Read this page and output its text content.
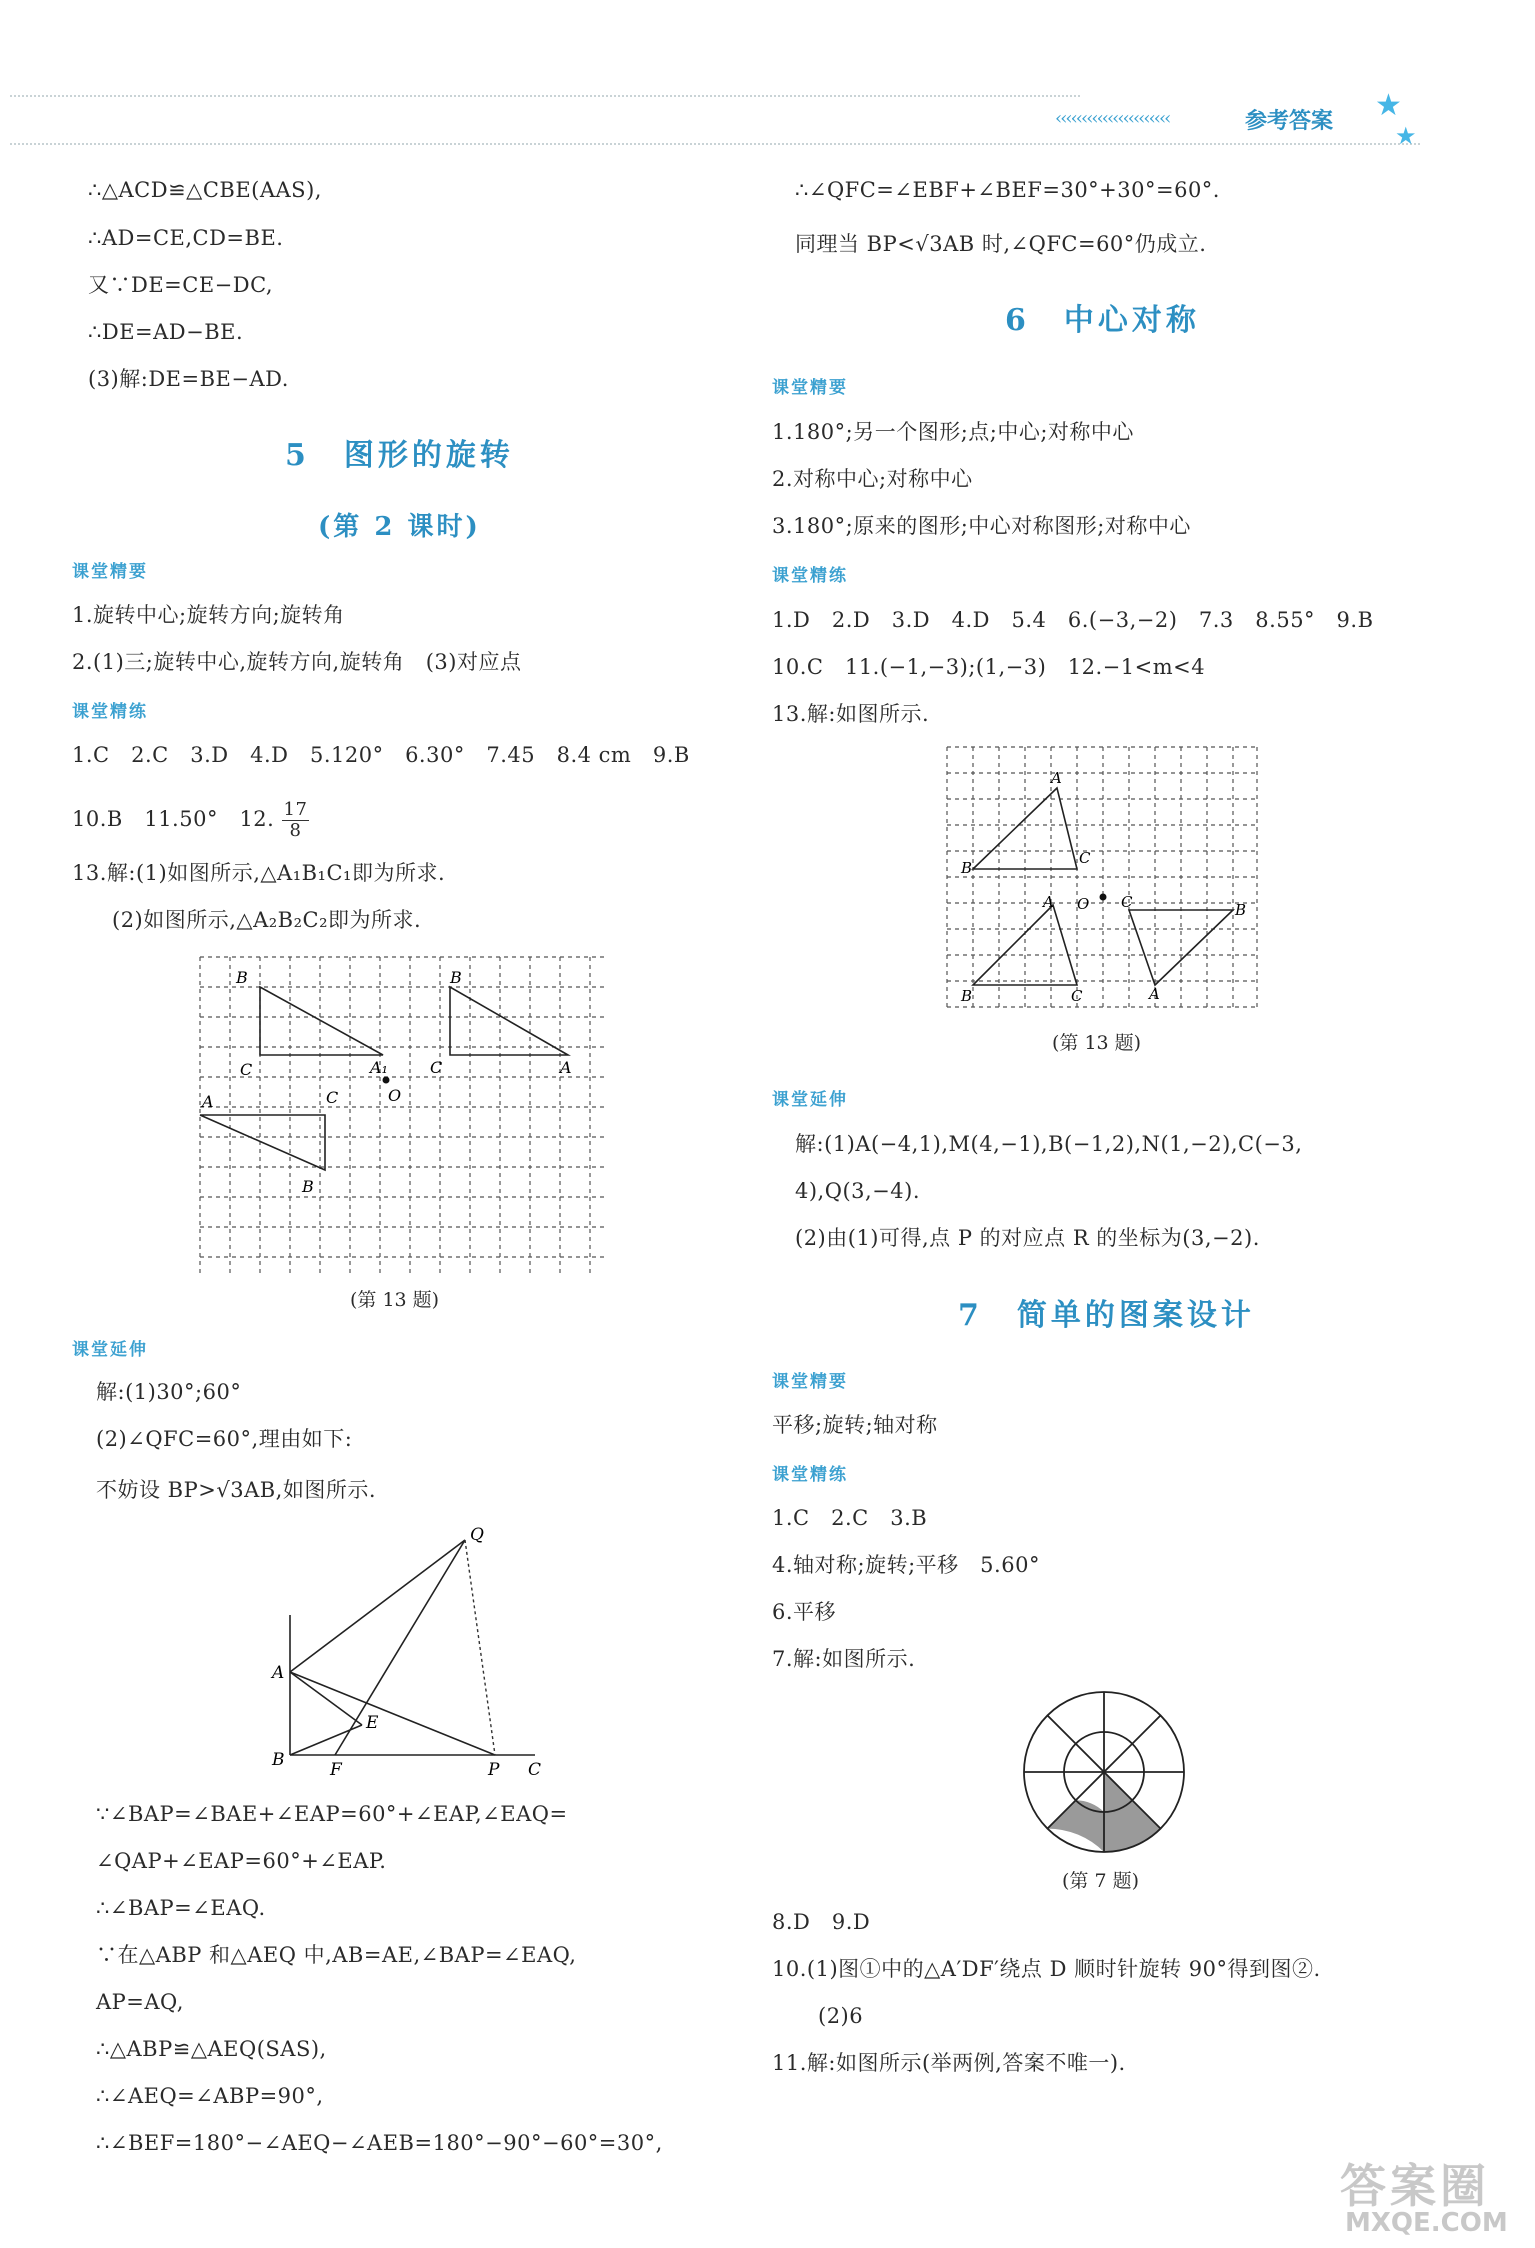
‹‹‹‹‹‹‹‹‹‹‹‹‹‹‹‹‹‹‹‹‹‹	参考答案 ★
★
∴△ACD≌△CBE(AAS),
∴AD=CE,CD=BE.
又∵DE=CE−DC,
∴DE=AD−BE.
(3)解:DE=BE−AD.
5　图形的旋转
(第 2 课时)
课堂精要
1.旋转中心;旋转方向;旋转角
2.(1)三;旋转中心,旋转方向,旋转角　(3)对应点
课堂精练
1.C　2.C　3.D　4.D　5.120°　6.30°　7.45　8.4 cm　9.B
10.B　11.50°　12. $\frac{17}{8}$
13.解:(1)如图所示,△A₁B₁C₁即为所求.
(2)如图所示,△A₂B₂C₂即为所求.
B
C	A₁
O
B
C	A
A	C
B
(第 13 题)
课堂延伸
解:(1)30°;60°
(2)∠QFC=60°,理由如下:
不妨设 BP>√3AB,如图所示.
A
B
Q
E
F	P C
∵∠BAP=∠BAE+∠EAP=60°+∠EAP,∠EAQ=
∠QAP+∠EAP=60°+∠EAP.
∴∠BAP=∠EAQ.
∵在△ABP 和△AEQ 中,AB=AE,∠BAP=∠EAQ,
AP=AQ,
∴△ABP≌△AEQ(SAS),
∴∠AEQ=∠ABP=90°,
∴∠BEF=180°−∠AEQ−∠AEB=180°−90°−60°=30°,
∴∠QFC=∠EBF+∠BEF=30°+30°=60°.
同理当 BP<√3AB 时,∠QFC=60°仍成立.
6　中心对称
课堂精要
1.180°;另一个图形;点;中心;对称中心
2.对称中心;对称中心
3.180°;原来的图形;中心对称图形;对称中心
课堂精练
1.D　2.D　3.D　4.D　5.4　6.(−3,−2)　7.3　8.55°　9.B
10.C　11.(−1,−3);(1,−3)　12.−1<m<4
13.解:如图所示.
A
B
C
A O C	B
B	C	A
(第 13 题)
课堂延伸
解:(1)A(−4,1),M(4,−1),B(−1,2),N(1,−2),C(−3,
4),Q(3,−4).
(2)由(1)可得,点 P 的对应点 R 的坐标为(3,−2).
7　简单的图案设计
课堂精要
平移;旋转;轴对称
课堂精练
1.C　2.C　3.B
4.轴对称;旋转;平移　5.60°
6.平移
7.解:如图所示.
(第 7 题)
8.D　9.D
10.(1)图①中的△A′DF′绕点 D 顺时针旋转 90°得到图②.
(2)6
11.解:如图所示(举两例,答案不唯一).
答案圈
MXQE.COM
